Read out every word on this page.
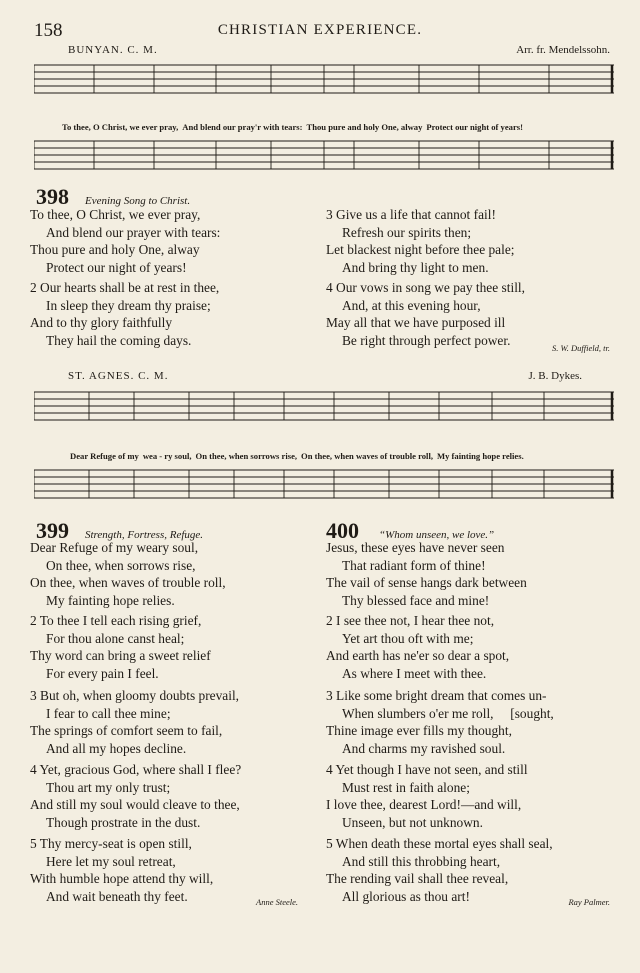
158	CHRISTIAN EXPERIENCE.
BUNYAN. C. M.	Arr. fr. Mendelssohn.
To thee, O Christ, we ever pray, And blend our pray'r with tears: Thou pure and holy One, alway Protect our night of years!
398 Evening Song to Christ.
To thee, O Christ, we ever pray,
And blend our prayer with tears:
Thou pure and holy One, alway
Protect our night of years!
2 Our hearts shall be at rest in thee,
In sleep they dream thy praise;
And to thy glory faithfully
They hail the coming days.
3 Give us a life that cannot fail!
Refresh our spirits then;
Let blackest night before thee pale;
And bring thy light to men.
4 Our vows in song we pay thee still,
And, at this evening hour,
May all that we have purposed ill
Be right through perfect power.
S. W. Duffield, tr.
ST. AGNES. C. M.	J. B. Dykes.
Dear Refuge of my wea - ry soul, On thee, when sorrows rise, On thee, when waves of trouble roll, My fainting hope relies.
399 Strength, Fortress, Refuge.
Dear Refuge of my weary soul,
On thee, when sorrows rise,
On thee, when waves of trouble roll,
My fainting hope relies.
2 To thee I tell each rising grief,
For thou alone canst heal;
Thy word can bring a sweet relief
For every pain I feel.
3 But oh, when gloomy doubts prevail,
I fear to call thee mine;
The springs of comfort seem to fail,
And all my hopes decline.
4 Yet, gracious God, where shall I flee?
Thou art my only trust;
And still my soul would cleave to thee,
Though prostrate in the dust.
5 Thy mercy-seat is open still,
Here let my soul retreat,
With humble hope attend thy will,
And wait beneath thy feet.	Anne Steele.
400 “Whom unseen, we love.”
Jesus, these eyes have never seen
That radiant form of thine!
The vail of sense hangs dark between
Thy blessed face and mine!
2 I see thee not, I hear thee not,
Yet art thou oft with me;
And earth has ne'er so dear a spot,
As where I meet with thee.
3 Like some bright dream that comes un-
When slumbers o'er me roll,     [sought,
Thine image ever fills my thought,
And charms my ravished soul.
4 Yet though I have not seen, and still
Must rest in faith alone;
I love thee, dearest Lord!—and will,
Unseen, but not unknown.
5 When death these mortal eyes shall seal,
And still this throbbing heart,
The rending vail shall thee reveal,
All glorious as thou art!	Ray Palmer.
